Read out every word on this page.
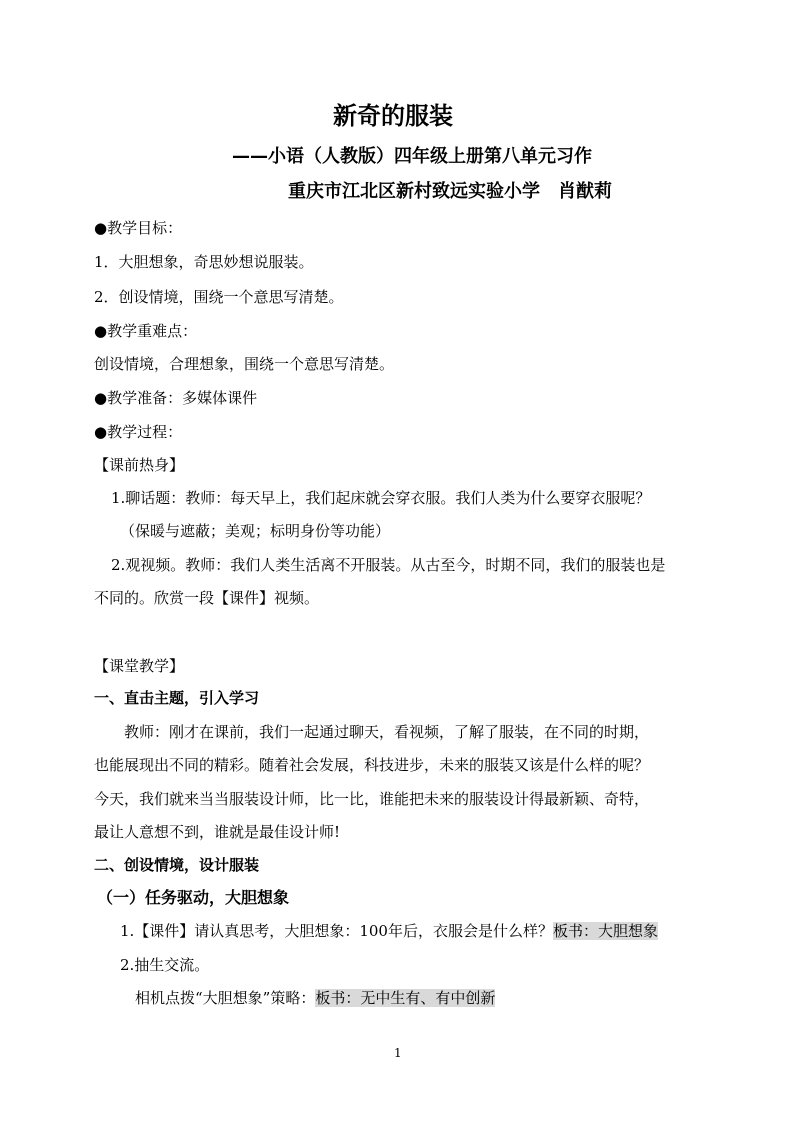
新奇的服装
——小语（人教版）四年级上册第八单元习作
重庆市江北区新村致远实验小学　肖猷莉
●教学目标：
1．大胆想象，奇思妙想说服装。
2．创设情境，围绕一个意思写清楚。
●教学重难点：
创设情境，合理想象，围绕一个意思写清楚。
●教学准备：多媒体课件
●教学过程：
【课前热身】
1.聊话题：教师：每天早上，我们起床就会穿衣服。我们人类为什么要穿衣服呢？
（保暖与遮蔽；美观；标明身份等功能）
2.观视频。教师：我们人类生活离不开服装。从古至今，时期不同，我们的服装也是
不同的。欣赏一段【课件】视频。
【课堂教学】
一、直击主题，引入学习
教师：刚才在课前，我们一起通过聊天，看视频，了解了服装，在不同的时期，
也能展现出不同的精彩。随着社会发展，科技进步，未来的服装又该是什么样的呢？
今天，我们就来当当服装设计师，比一比，谁能把未来的服装设计得最新颖、奇特，
最让人意想不到，谁就是最佳设计师!
二、创设情境，设计服装
（一）任务驱动，大胆想象
1.【课件】请认真思考，大胆想象：100年后，衣服会是什么样？板书：大胆想象
2.抽生交流。
相机点拨“大胆想象”策略：板书：无中生有、有中创新
1
